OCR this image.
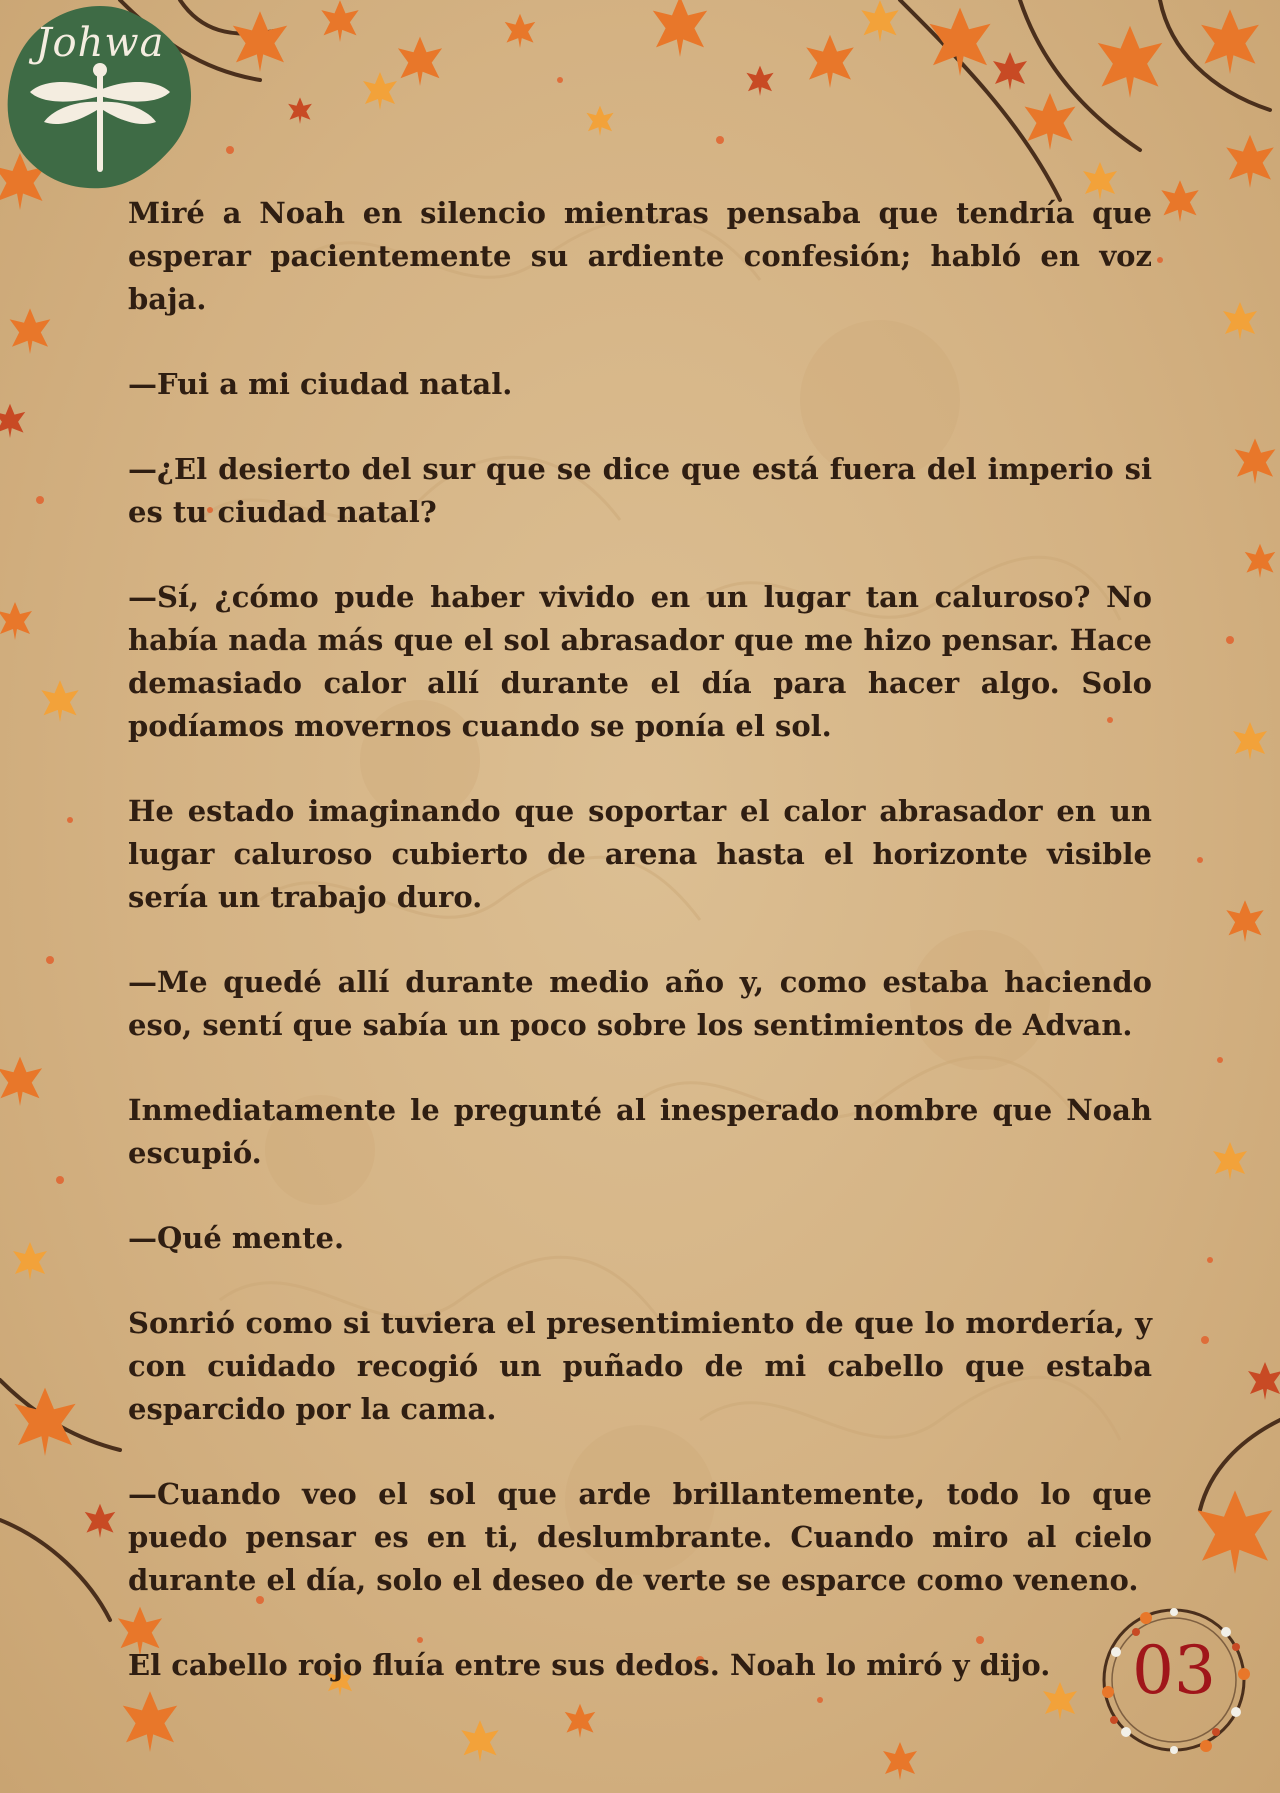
Johwa

Miré a Noah en silencio mientras pensaba que tendría que esperar pacientemente su ardiente confesión; habló en voz baja.

—Fui a mi ciudad natal.

—¿El desierto del sur que se dice que está fuera del imperio si es tu ciudad natal?

—Sí, ¿cómo pude haber vivido en un lugar tan caluroso? No había nada más que el sol abrasador que me hizo pensar. Hace demasiado calor allí durante el día para hacer algo. Solo podíamos movernos cuando se ponía el sol.

He estado imaginando que soportar el calor abrasador en un lugar caluroso cubierto de arena hasta el horizonte visible sería un trabajo duro.

—Me quedé allí durante medio año y, como estaba haciendo eso, sentí que sabía un poco sobre los sentimientos de Advan.

Inmediatamente le pregunté al inesperado nombre que Noah escupió.

—Qué mente.

Sonrió como si tuviera el presentimiento de que lo mordería, y con cuidado recogió un puñado de mi cabello que estaba esparcido por la cama.

—Cuando veo el sol que arde brillantemente, todo lo que puedo pensar es en ti, deslumbrante. Cuando miro al cielo durante el día, solo el deseo de verte se esparce como veneno.

El cabello rojo fluía entre sus dedos. Noah lo miró y dijo.	03
